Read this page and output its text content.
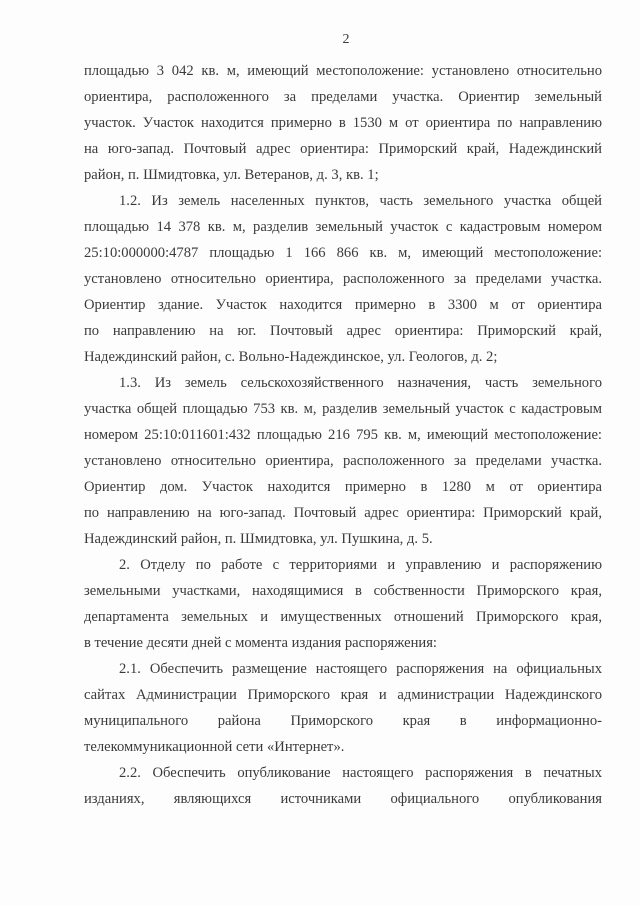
2
площадью 3 042 кв. м, имеющий местоположение: установлено относительно
ориентира, расположенного за пределами участка. Ориентир земельный
участок. Участок находится примерно в 1530 м от ориентира по направлению
на юго-запад. Почтовый адрес ориентира: Приморский край, Надеждинский
район, п. Шмидтовка, ул. Ветеранов, д. 3, кв. 1;
1.2. Из земель населенных пунктов, часть земельного участка общей
площадью 14 378 кв. м, разделив земельный участок с кадастровым номером
25:10:000000:4787 площадью 1 166 866 кв. м, имеющий местоположение:
установлено относительно ориентира, расположенного за пределами участка.
Ориентир здание. Участок находится примерно в 3300 м от ориентира
по направлению на юг. Почтовый адрес ориентира: Приморский край,
Надеждинский район, с. Вольно-Надеждинское, ул. Геологов, д. 2;
1.3. Из земель сельскохозяйственного назначения, часть земельного
участка общей площадью 753 кв. м, разделив земельный участок с кадастровым
номером 25:10:011601:432 площадью 216 795 кв. м, имеющий местоположение:
установлено относительно ориентира, расположенного за пределами участка.
Ориентир дом. Участок находится примерно в 1280 м от ориентира
по направлению на юго-запад. Почтовый адрес ориентира: Приморский край,
Надеждинский район, п. Шмидтовка, ул. Пушкина, д. 5.
2. Отделу по работе с территориями и управлению и распоряжению
земельными участками, находящимися в собственности Приморского края,
департамента земельных и имущественных отношений Приморского края,
в течение десяти дней с момента издания распоряжения:
2.1. Обеспечить размещение настоящего распоряжения на официальных
сайтах Администрации Приморского края и администрации Надеждинского
муниципального района Приморского края в информационно-
телекоммуникационной сети «Интернет».
2.2. Обеспечить опубликование настоящего распоряжения в печатных
изданиях, являющихся источниками официального опубликования
